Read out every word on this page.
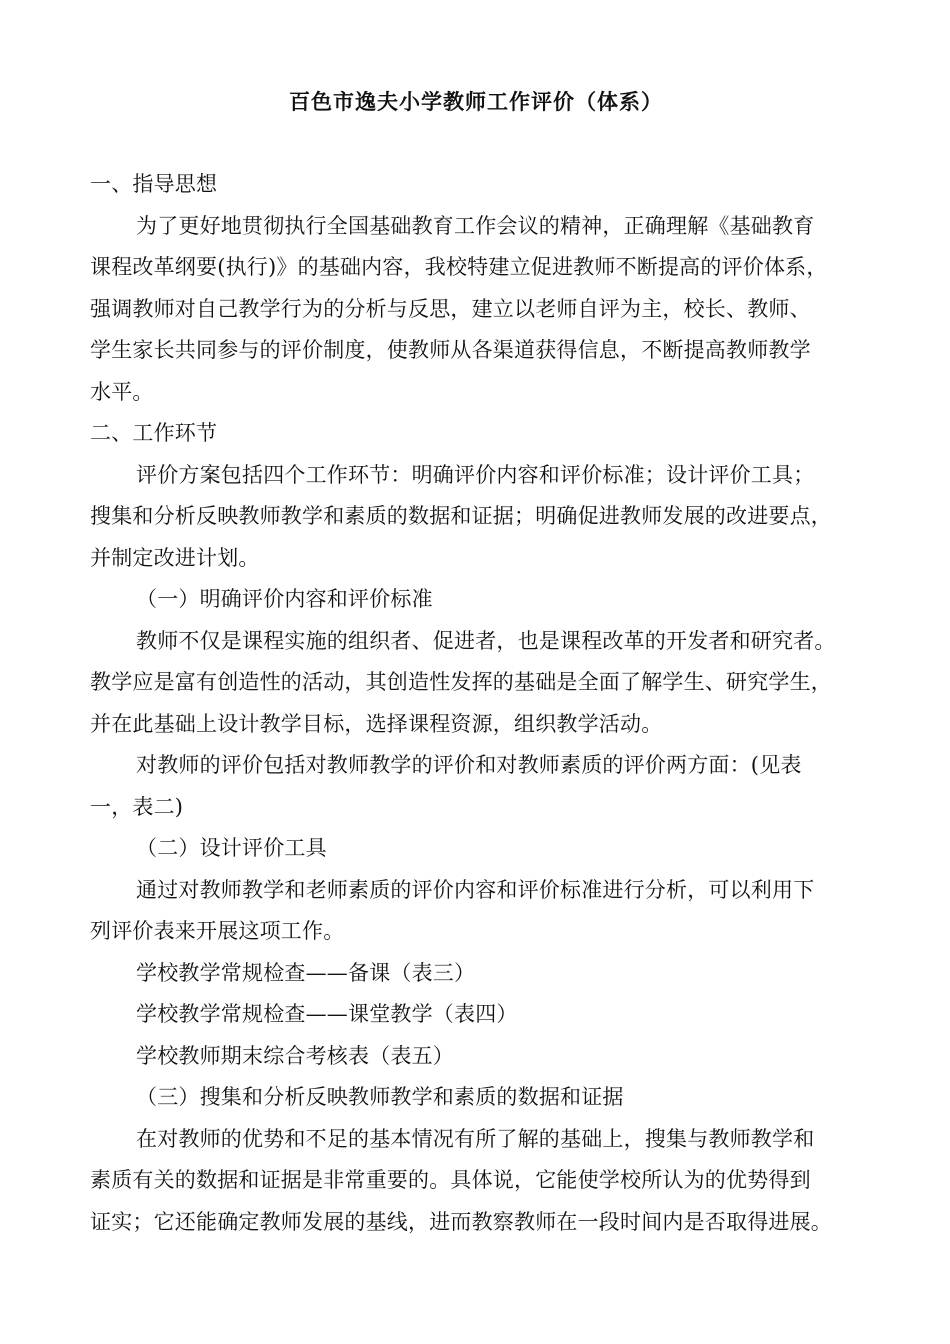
百色市逸夫小学教师工作评价（体系）

一、指导思想

为了更好地贯彻执行全国基础教育工作会议的精神，正确理解《基础教育

课程改革纲要(执行)》的基础内容，我校特建立促进教师不断提高的评价体系，

强调教师对自己教学行为的分析与反思，建立以老师自评为主，校长、教师、

学生家长共同参与的评价制度，使教师从各渠道获得信息，不断提高教师教学

水平。

二、工作环节

评价方案包括四个工作环节：明确评价内容和评价标准；设计评价工具；

搜集和分析反映教师教学和素质的数据和证据；明确促进教师发展的改进要点，

并制定改进计划。

（一）明确评价内容和评价标准

教师不仅是课程实施的组织者、促进者，也是课程改革的开发者和研究者。

教学应是富有创造性的活动，其创造性发挥的基础是全面了解学生、研究学生，

并在此基础上设计教学目标，选择课程资源，组织教学活动。

对教师的评价包括对教师教学的评价和对教师素质的评价两方面：(见表

一，表二)

（二）设计评价工具

通过对教师教学和老师素质的评价内容和评价标准进行分析，可以利用下

列评价表来开展这项工作。

学校教学常规检查——备课（表三）

学校教学常规检查——课堂教学（表四）

学校教师期末综合考核表（表五）

（三）搜集和分析反映教师教学和素质的数据和证据

在对教师的优势和不足的基本情况有所了解的基础上，搜集与教师教学和

素质有关的数据和证据是非常重要的。具体说，它能使学校所认为的优势得到

证实；它还能确定教师发展的基线，进而教察教师在一段时间内是否取得进展。
